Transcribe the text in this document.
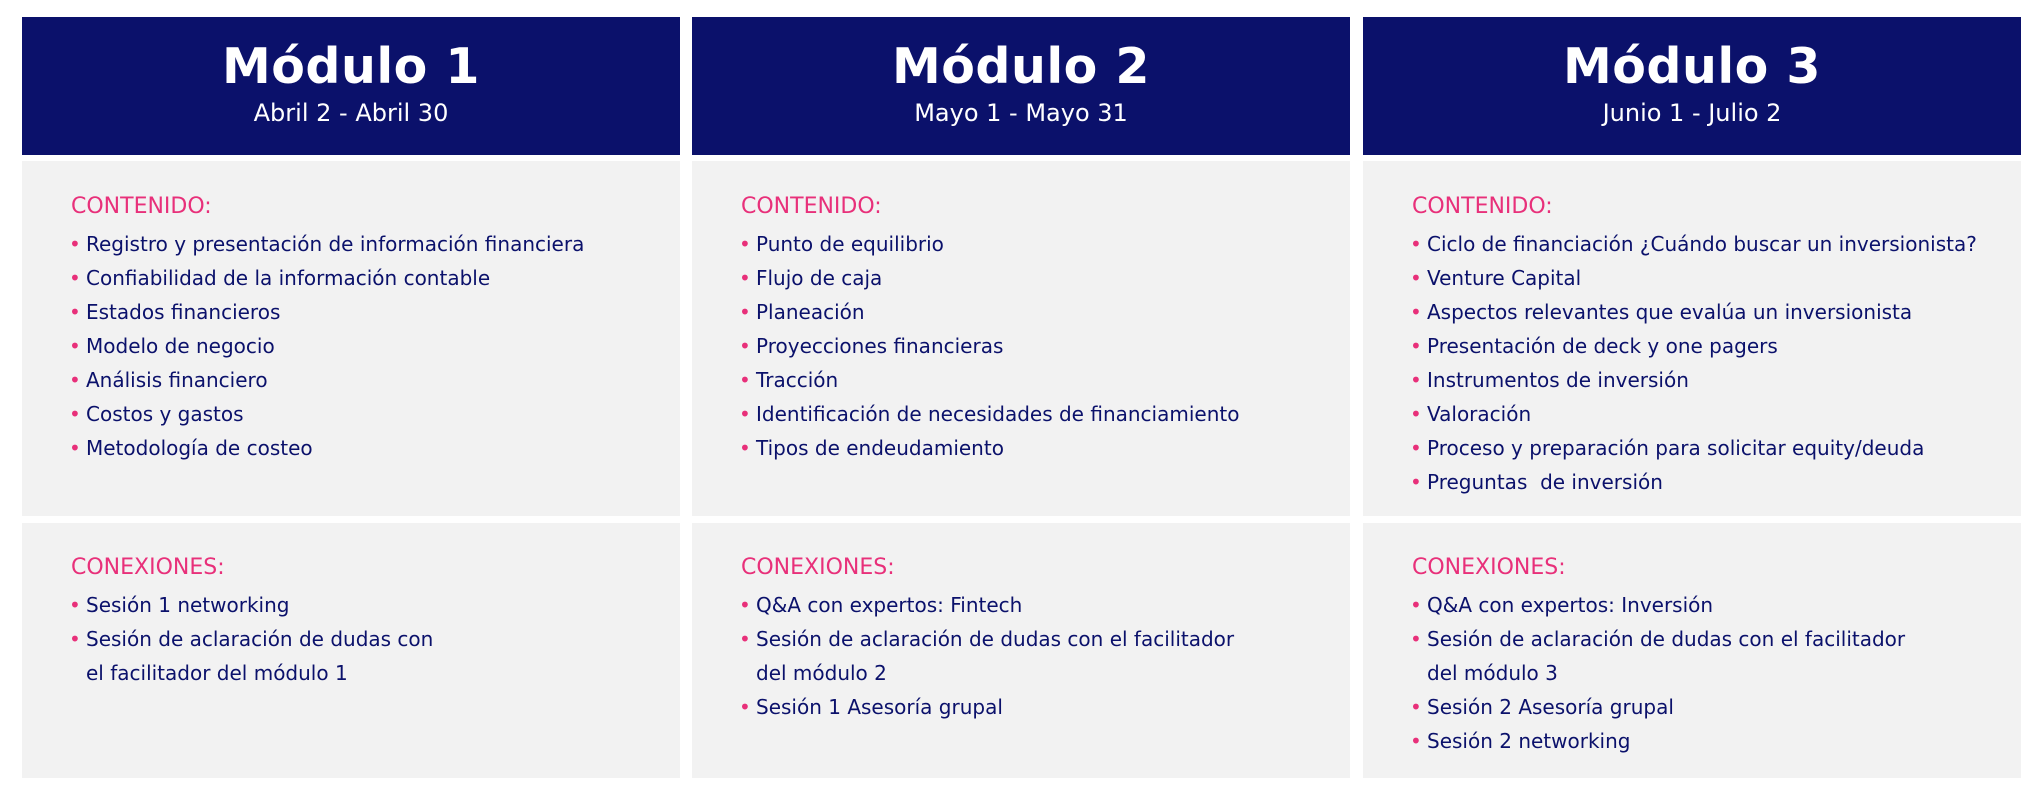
Módulo 1
Abril 2 - Abril 30
CONTENIDO:
• Registro y presentación de información financiera
• Confiabilidad de la información contable
• Estados financieros
• Modelo de negocio
• Análisis financiero
• Costos y gastos
• Metodología de costeo
CONEXIONES:
• Sesión 1 networking
• Sesión de aclaración de dudas con
el facilitador del módulo 1
Módulo 2
Mayo 1 - Mayo 31
CONTENIDO:
• Punto de equilibrio
• Flujo de caja
• Planeación
• Proyecciones financieras
• Tracción
• Identificación de necesidades de financiamiento
• Tipos de endeudamiento
CONEXIONES:
• Q&A con expertos: Fintech
• Sesión de aclaración de dudas con el facilitador
del módulo 2
• Sesión 1 Asesoría grupal
Módulo 3
Junio 1 - Julio 2
CONTENIDO:
• Ciclo de financiación ¿Cuándo buscar un inversionista?
• Venture Capital
• Aspectos relevantes que evalúa un inversionista
• Presentación de deck y one pagers
• Instrumentos de inversión
• Valoración
• Proceso y preparación para solicitar equity/deuda
• Preguntas  de inversión
CONEXIONES:
• Q&A con expertos: Inversión
• Sesión de aclaración de dudas con el facilitador
del módulo 3
• Sesión 2 Asesoría grupal
• Sesión 2 networking
